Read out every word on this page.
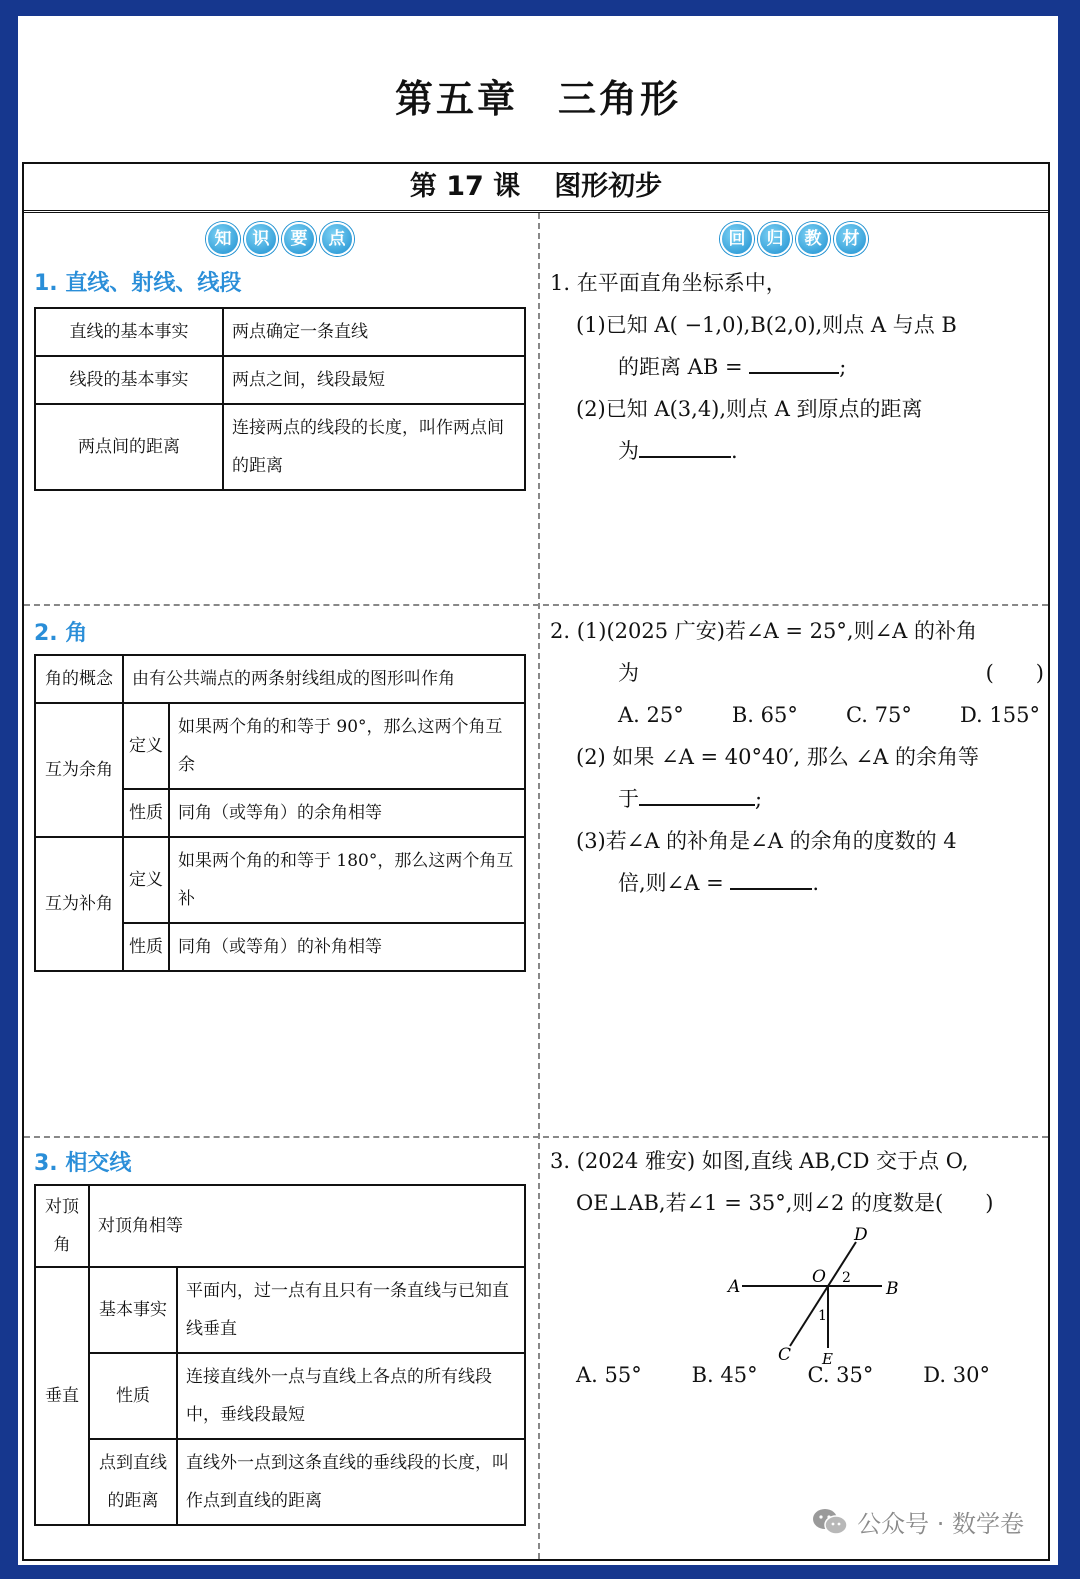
第五章 三角形
第 17 课 图形初步
知	识	要	点	回	归	教	材
1. 直线、射线、线段
直线的基本事实	两点确定一条直线
线段的基本事实	两点之间，线段最短
两点间的距离	连接两点的线段的长度，叫作两点间的距离
2. 角
角的概念	由有公共端点的两条射线组成的图形叫作角	
互为余角	定义	如果两个角的和等于 90°，那么这两个角互余
	性质	同角（或等角）的余角相等
互为补角	定义	如果两个角的和等于 180°，那么这两个角互补
	性质	同角（或等角）的补角相等
3. 相交线
对顶角	对顶角相等	
垂直	基本事实	平面内，过一点有且只有一条直线与已知直线垂直
	性质	连接直线外一点与直线上各点的所有线段中，垂线段最短
	点到直线的距离	直线外一点到这条直线的垂线段的长度，叫作点到直线的距离
1. 在平面直角坐标系中，
(1)已知 A( −1,0),B(2,0),则点 A 与点 B
的距离 AB =	;
(2)已知 A(3,4),则点 A 到原点的距离
为	.
2. (1)(2025 广安)若∠A = 25°,则∠A 的补角
为	(　　)
A. 25° B. 65° C. 75° D. 155°
(2) 如果 ∠A = 40°40′, 那么 ∠A 的余角等
于	;
(3)若∠A 的补角是∠A 的余角的度数的 4
倍,则∠A =	.
3. (2024 雅安) 如图,直线 AB,CD 交于点 O,
OE⊥AB,若∠1 = 35°,则∠2 的度数是(　　)
A	B
D
C
O
E
1
2
A. 55° B. 45° C. 35° D. 30°
公众号 · 数学卷
